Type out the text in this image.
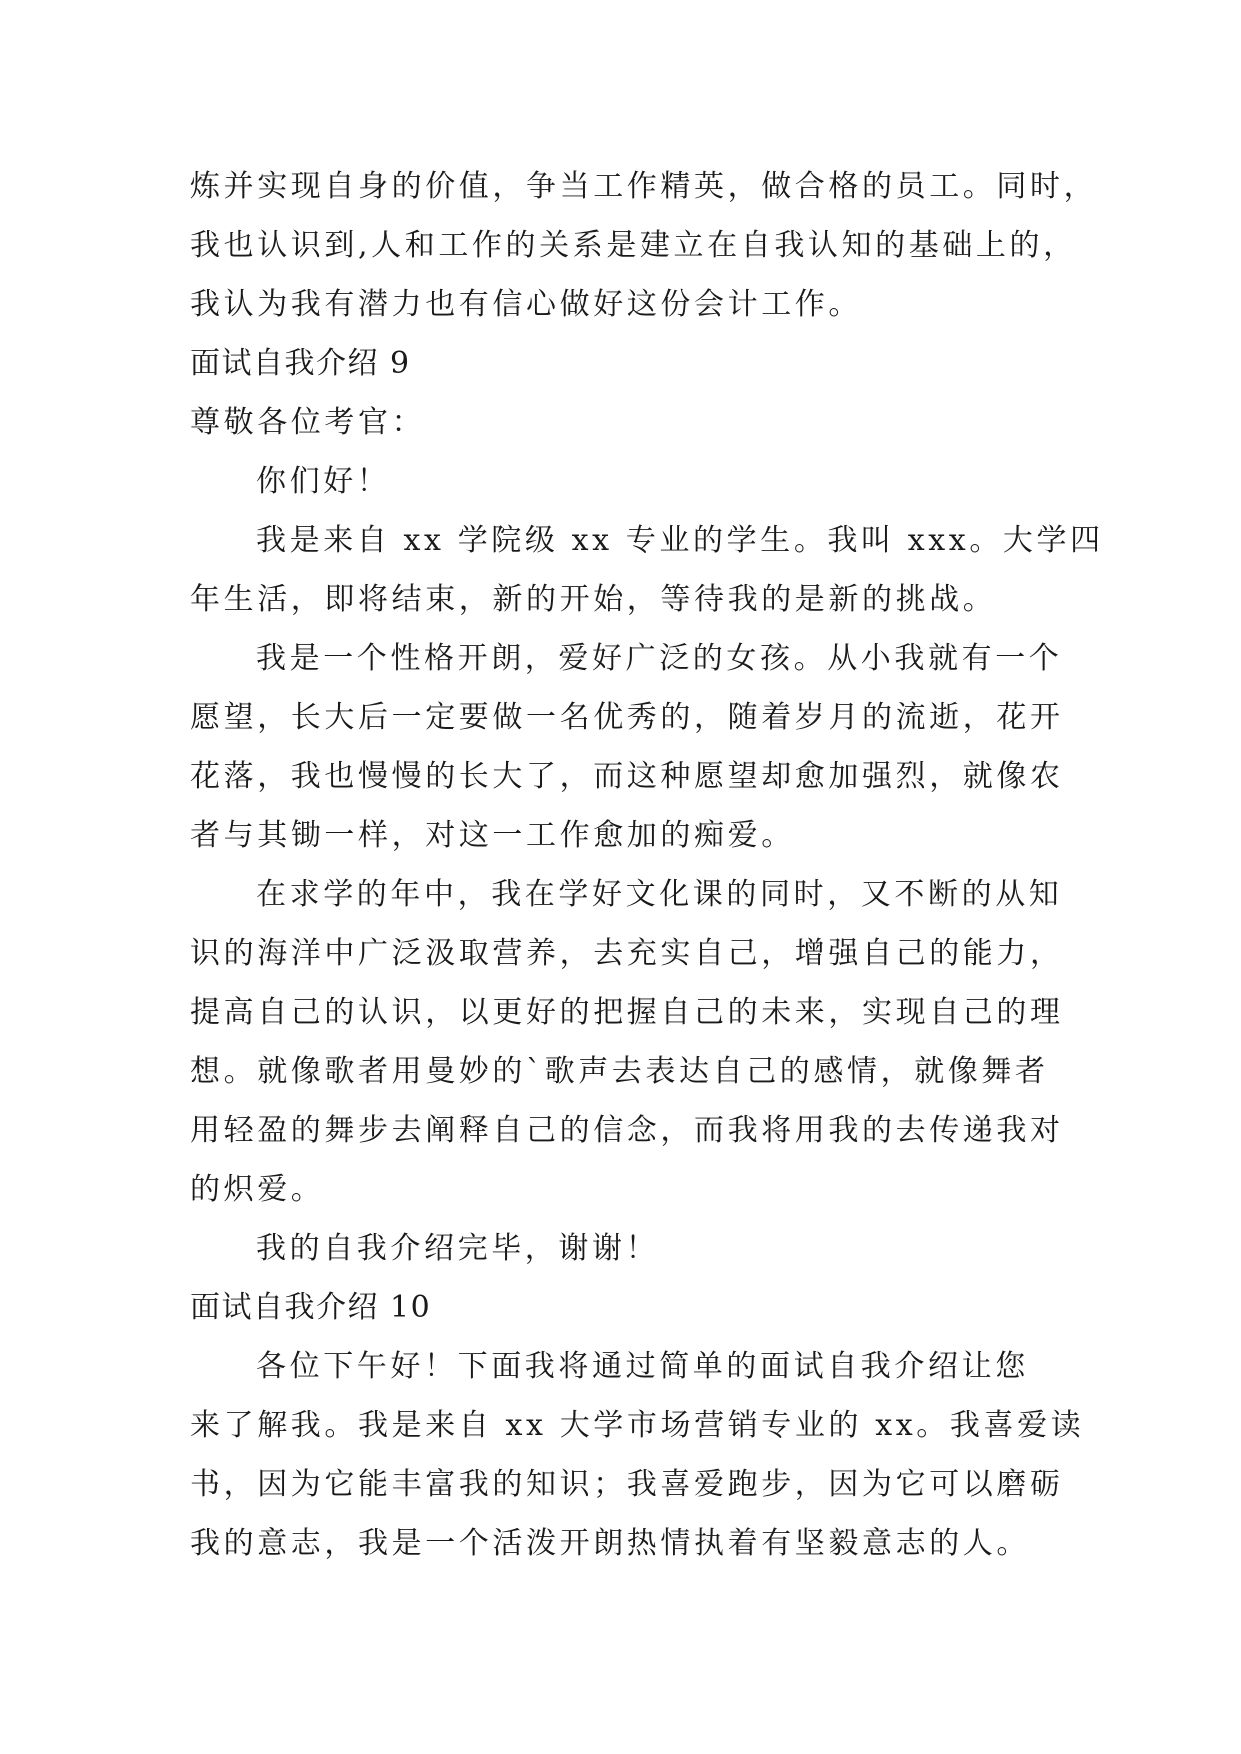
炼并实现自身的价值，争当工作精英，做合格的员工。同时，
我也认识到,人和工作的关系是建立在自我认知的基础上的，
我认为我有潜力也有信心做好这份会计工作。
面试自我介绍 9
尊敬各位考官：
你们好！
我是来自 xx 学院级 xx 专业的学生。我叫 xxx。大学四
年生活，即将结束，新的开始，等待我的是新的挑战。
我是一个性格开朗，爱好广泛的女孩。从小我就有一个
愿望，长大后一定要做一名优秀的，随着岁月的流逝，花开
花落，我也慢慢的长大了，而这种愿望却愈加强烈，就像农
者与其锄一样，对这一工作愈加的痴爱。
在求学的年中，我在学好文化课的同时，又不断的从知
识的海洋中广泛汲取营养，去充实自己，增强自己的能力，
提高自己的认识，以更好的把握自己的未来，实现自己的理
想。就像歌者用曼妙的`歌声去表达自己的感情，就像舞者
用轻盈的舞步去阐释自己的信念，而我将用我的去传递我对
的炽爱。
我的自我介绍完毕，谢谢！
面试自我介绍 10
各位下午好！下面我将通过简单的面试自我介绍让您
来了解我。我是来自 xx 大学市场营销专业的 xx。我喜爱读
书，因为它能丰富我的知识；我喜爱跑步，因为它可以磨砺
我的意志，我是一个活泼开朗热情执着有坚毅意志的人。
